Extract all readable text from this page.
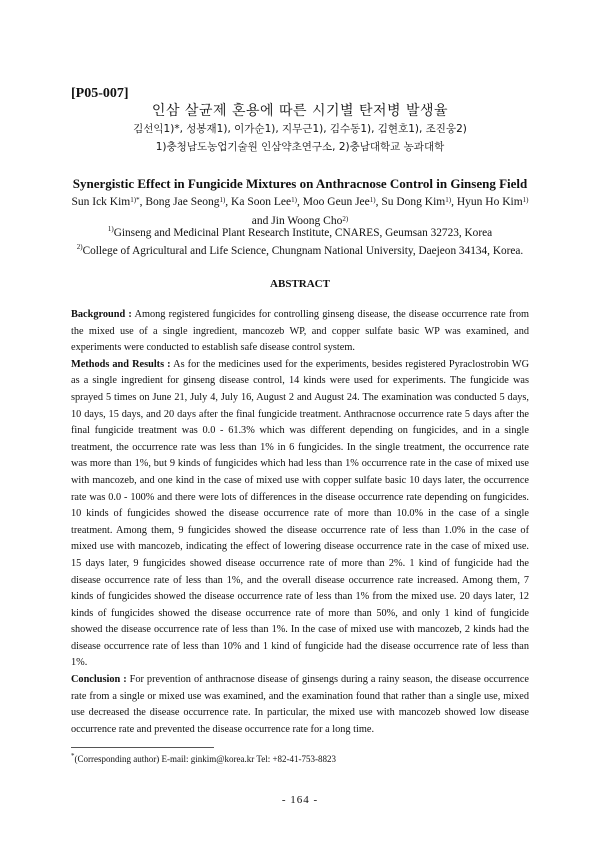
[P05-007]
인삼 살균제 혼용에 따른 시기별 탄저병 발생율
김선익1)*, 성봉재1), 이가순1), 지무근1), 김수동1), 김현호1), 조진웅2)
1)충청남도농업기술원 인삼약초연구소, 2)충남대학교 농과대학
Synergistic Effect in Fungicide Mixtures on Anthracnose Control in Ginseng Field
Sun Ick Kim$^{1)*}$, Bong Jae Seong$^{1)}$, Ka Soon Lee$^{1)}$, Moo Geun Jee$^{1)}$, Su Dong Kim$^{1)}$, Hyun Ho Kim$^{1)}$ and Jin Woong Cho$^{2)}$
$^{1)}$Ginseng and Medicinal Plant Research Institute, CNARES, Geumsan 32723, Korea
$^{2)}$College of Agricultural and Life Science, Chungnam National University, Daejeon 34134, Korea.
ABSTRACT

Background : Among registered fungicides for controlling ginseng disease, the disease occurrence rate from the mixed use of a single ingredient, mancozeb WP, and copper sulfate basic WP was examined, and experiments were conducted to establish safe disease control system.

Methods and Results : As for the medicines used for the experiments, besides registered Pyraclostrobin WG as a single ingredient for ginseng disease control, 14 kinds were used for experiments. The fungicide was sprayed 5 times on June 21, July 4, July 16, August 2 and August 24. The examination was conducted 5 days, 10 days, 15 days, and 20 days after the final fungicide treatment. Anthracnose occurrence rate 5 days after the final fungicide treatment was 0.0 - 61.3% which was different depending on fungicides, and in a single treatment, the occurrence rate was less than 1% in 6 fungicides. In the single treatment, the occurrence rate was more than 1%, but 9 kinds of fungicides which had less than 1% occurrence rate in the case of mixed use with mancozeb, and one kind in the case of mixed use with copper sulfate basic 10 days later, the occurrence rate was 0.0 - 100% and there were lots of differences in the disease occurrence rate depending on fungicides. 10 kinds of fungicides showed the disease occurrence rate of more than 10.0% in the case of a single treatment. Among them, 9 fungicides showed the disease occurrence rate of less than 1.0% in the case of mixed use with mancozeb, indicating the effect of lowering disease occurrence rate in the case of mixed use. 15 days later, 9 fungicides showed disease occurrence rate of more than 2%. 1 kind of fungicide had the disease occurrence rate of less than 1%, and the overall disease occurrence rate increased. Among them, 7 kinds of fungicides showed the disease occurrence rate of less than 1% from the mixed use. 20 days later, 12 kinds of fungicides showed the disease occurrence rate of more than 50%, and only 1 kind of fungicide showed the disease occurrence rate of less than 1%. In the case of mixed use with mancozeb, 2 kinds had the disease occurrence rate of less than 10% and 1 kind of fungicide had the disease occurrence rate of less than 1%.

Conclusion : For prevention of anthracnose disease of ginsengs during a rainy season, the disease occurrence rate from a single or mixed use was examined, and the examination found that rather than a single use, mixed use decreased the disease occurrence rate. In particular, the mixed use with mancozeb showed low disease occurrence rate and prevented the disease occurrence rate for a long time.

*(Corresponding author) E-mail: ginkim@korea.kr Tel: +82-41-753-8823
- 164 -
